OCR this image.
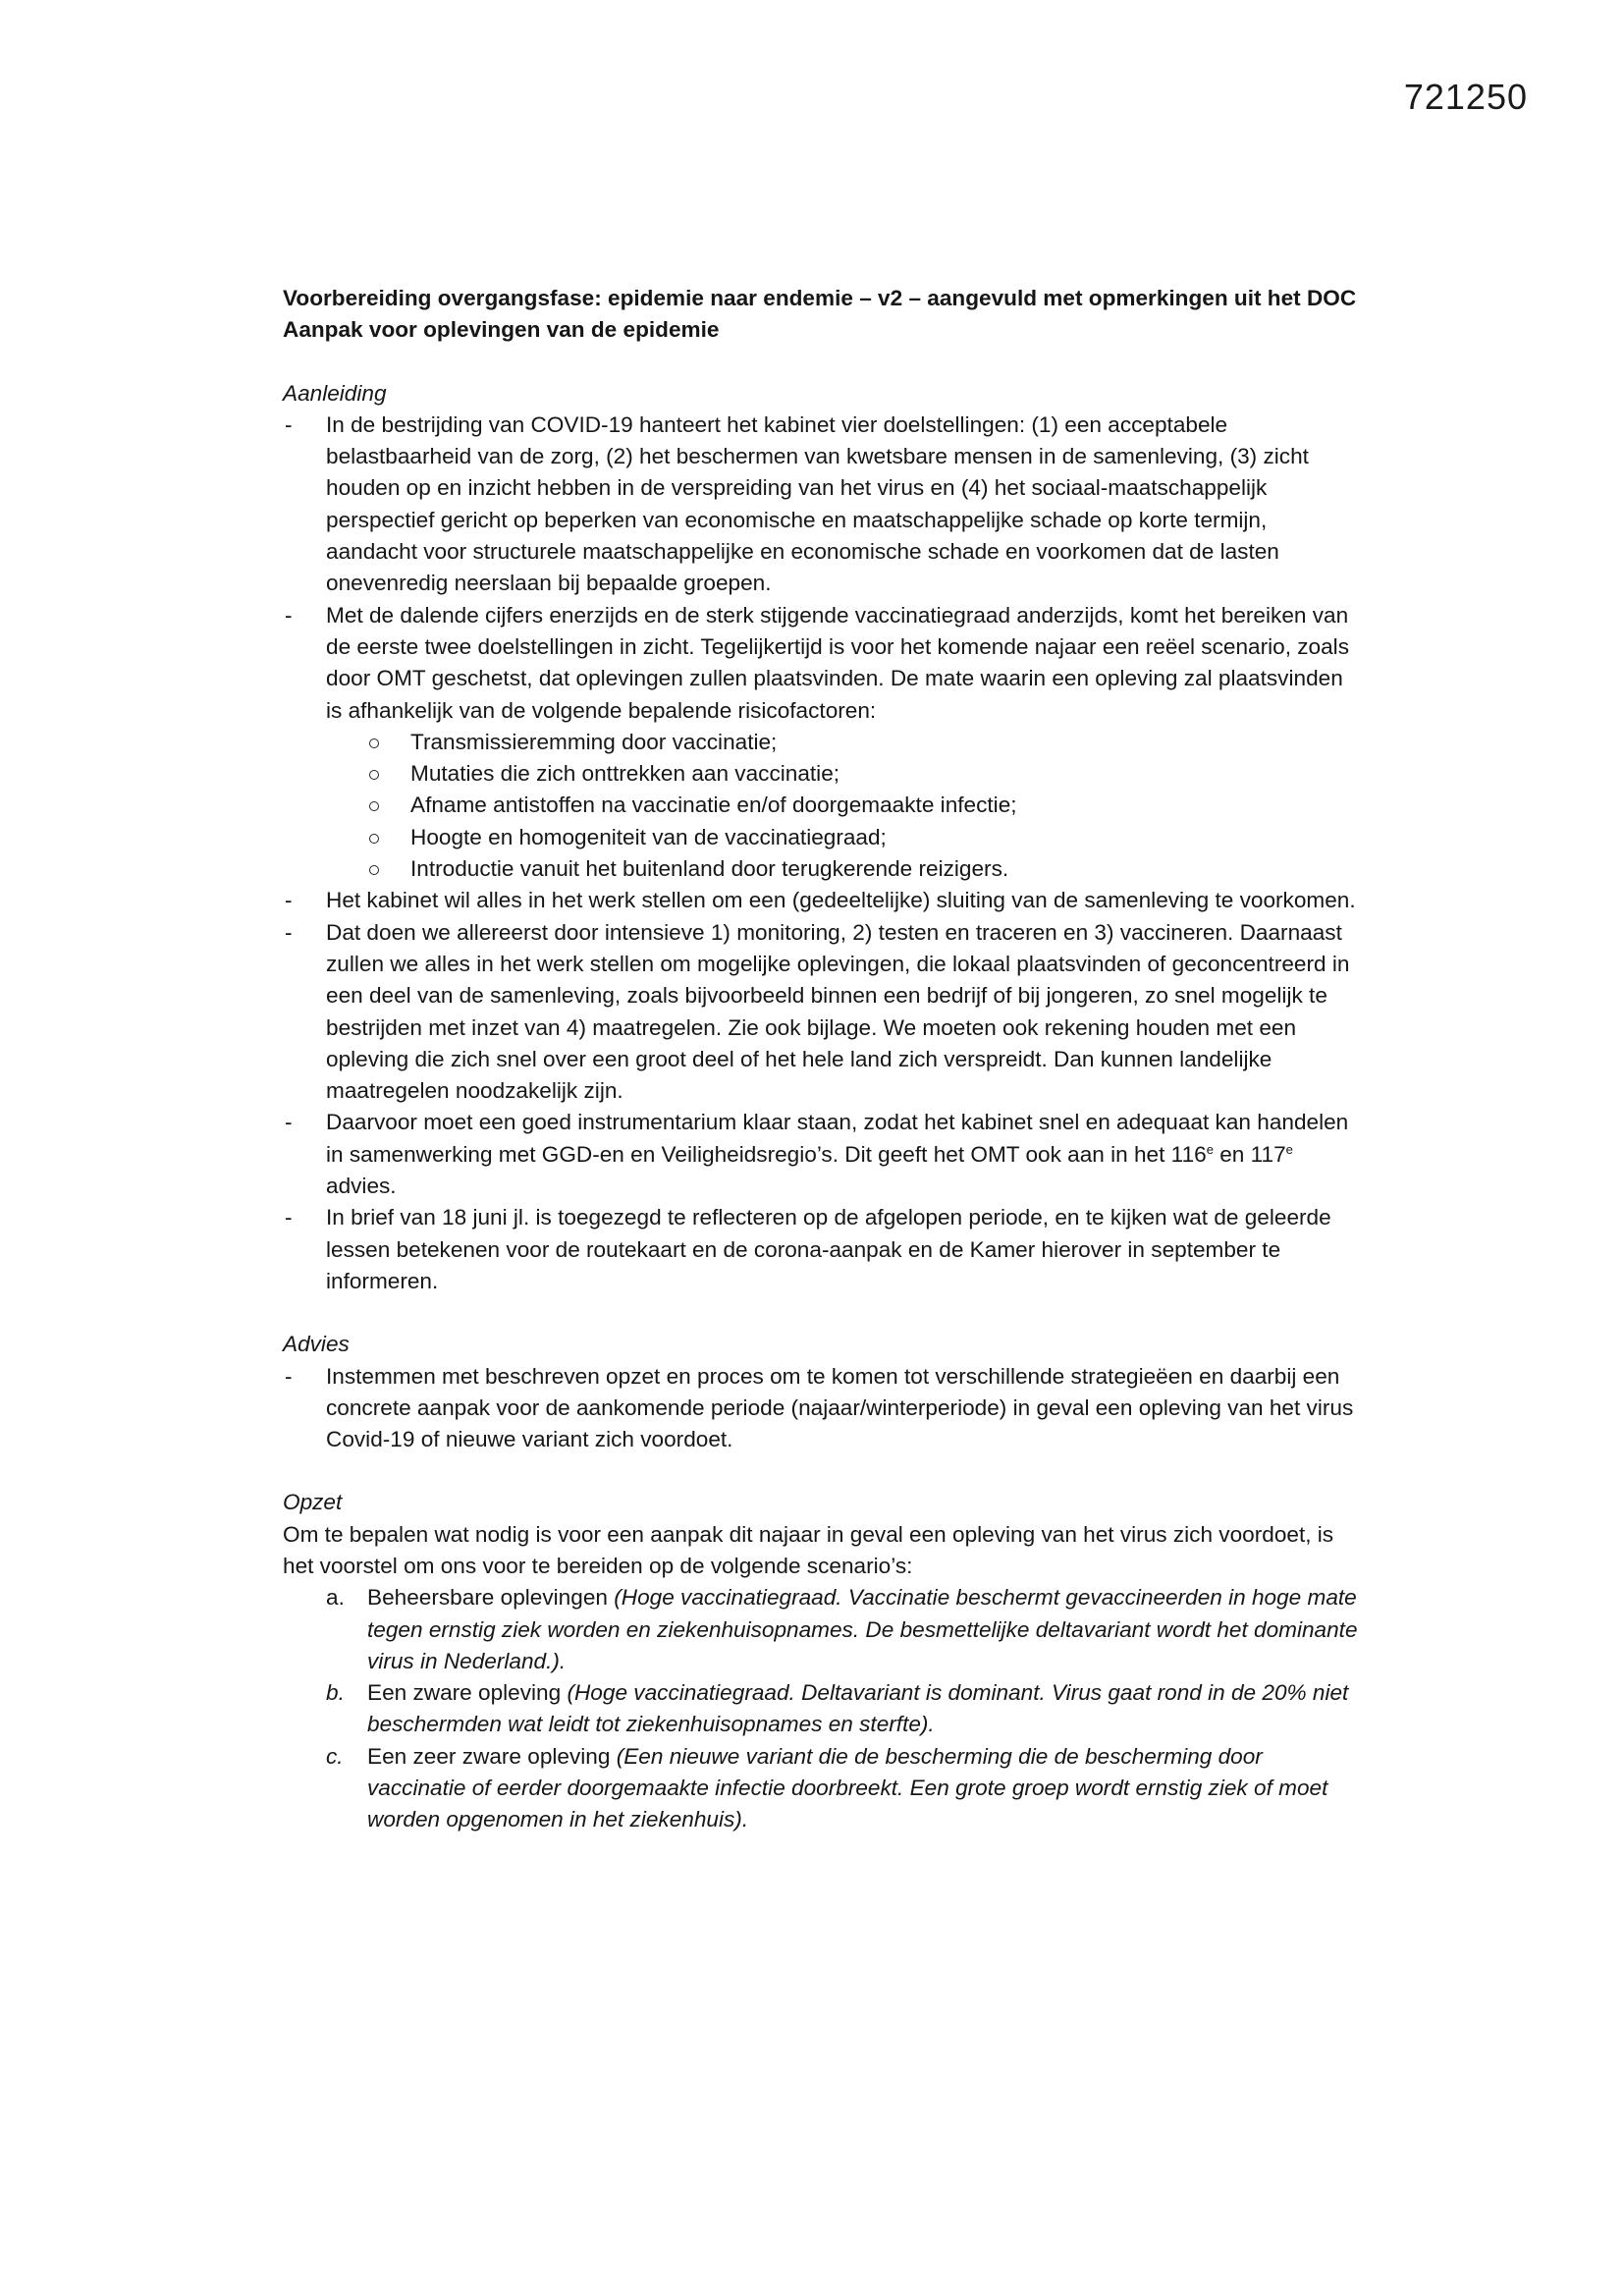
721250
Voorbereiding overgangsfase: epidemie naar endemie – v2 – aangevuld met opmerkingen uit het DOC
Aanpak voor oplevingen van de epidemie
Aanleiding
- In de bestrijding van COVID-19 hanteert het kabinet vier doelstellingen: (1) een acceptabele belastbaarheid van de zorg, (2) het beschermen van kwetsbare mensen in de samenleving, (3) zicht houden op en inzicht hebben in de verspreiding van het virus en (4) het sociaal-maatschappelijk perspectief gericht op beperken van economische en maatschappelijke schade op korte termijn, aandacht voor structurele maatschappelijke en economische schade en voorkomen dat de lasten onevenredig neerslaan bij bepaalde groepen.
- Met de dalende cijfers enerzijds en de sterk stijgende vaccinatiegraad anderzijds, komt het bereiken van de eerste twee doelstellingen in zicht. Tegelijkertijd is voor het komende najaar een reëel scenario, zoals door OMT geschetst, dat oplevingen zullen plaatsvinden. De mate waarin een opleving zal plaatsvinden is afhankelijk van de volgende bepalende risicofactoren:
Transmissieremming door vaccinatie;
Mutaties die zich onttrekken aan vaccinatie;
Afname antistoffen na vaccinatie en/of doorgemaakte infectie;
Hoogte en homogeniteit van de vaccinatiegraad;
Introductie vanuit het buitenland door terugkerende reizigers.
- Het kabinet wil alles in het werk stellen om een (gedeeltelijke) sluiting van de samenleving te voorkomen.
- Dat doen we allereerst door intensieve 1) monitoring, 2) testen en traceren en 3) vaccineren. Daarnaast zullen we alles in het werk stellen om mogelijke oplevingen, die lokaal plaatsvinden of geconcentreerd in een deel van de samenleving, zoals bijvoorbeeld binnen een bedrijf of bij jongeren, zo snel mogelijk te bestrijden met inzet van 4) maatregelen. Zie ook bijlage. We moeten ook rekening houden met een opleving die zich snel over een groot deel of het hele land zich verspreidt. Dan kunnen landelijke maatregelen noodzakelijk zijn.
- Daarvoor moet een goed instrumentarium klaar staan, zodat het kabinet snel en adequaat kan handelen in samenwerking met GGD-en en Veiligheidsregio’s. Dit geeft het OMT ook aan in het 116e en 117e advies.
- In brief van 18 juni jl. is toegezegd te reflecteren op de afgelopen periode, en te kijken wat de geleerde lessen betekenen voor de routekaart en de corona-aanpak en de Kamer hierover in september te informeren.
Advies
- Instemmen met beschreven opzet en proces om te komen tot verschillende strategieëen en daarbij een concrete aanpak voor de aankomende periode (najaar/winterperiode) in geval een opleving van het virus Covid-19 of nieuwe variant zich voordoet.
Opzet
Om te bepalen wat nodig is voor een aanpak dit najaar in geval een opleving van het virus zich voordoet, is het voorstel om ons voor te bereiden op de volgende scenario’s:
a. Beheersbare oplevingen (Hoge vaccinatiegraad. Vaccinatie beschermt gevaccineerden in hoge mate tegen ernstig ziek worden en ziekenhuisopnames. De besmettelijke deltavariant wordt het dominante virus in Nederland.).
b. Een zware opleving (Hoge vaccinatiegraad. Deltavariant is dominant. Virus gaat rond in de 20% niet beschermden wat leidt tot ziekenhuisopnames en sterfte).
c. Een zeer zware opleving (Een nieuwe variant die de bescherming die de bescherming door vaccinatie of eerder doorgemaakte infectie doorbreekt. Een grote groep wordt ernstig ziek of moet worden opgenomen in het ziekenhuis).
